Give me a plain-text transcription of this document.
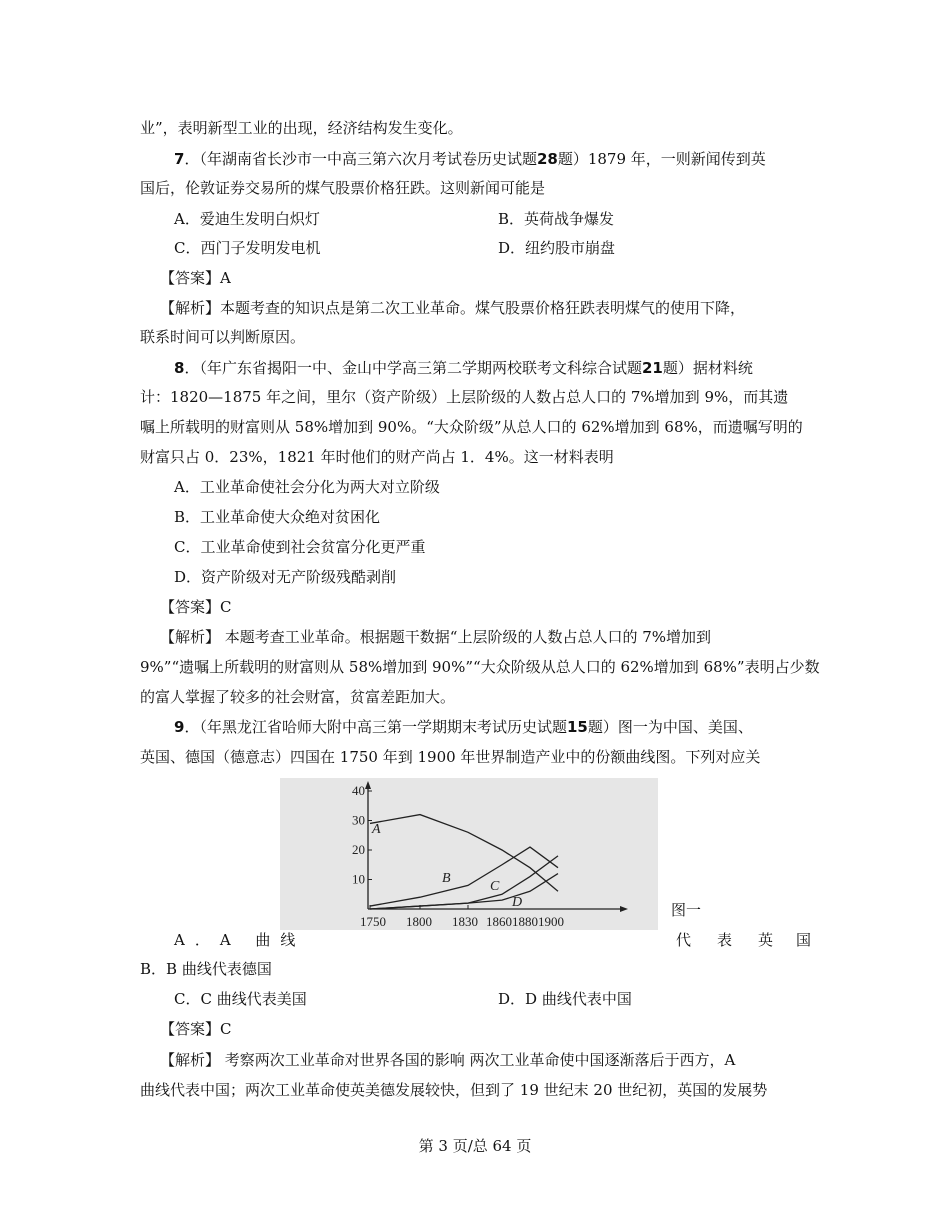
业”，表明新型工业的出现，经济结构发生变化。
7．（年湖南省长沙市一中高三第六次月考试卷历史试题28题）1879 年，一则新闻传到英
国后，伦敦证券交易所的煤气股票价格狂跌。这则新闻可能是
A．爱迪生发明白炽灯	B．英荷战争爆发
C．西门子发明发电机	D．纽约股市崩盘
【答案】A
【解析】本题考查的知识点是第二次工业革命。煤气股票价格狂跌表明煤气的使用下降，
联系时间可以判断原因。
8．（年广东省揭阳一中、金山中学高三第二学期两校联考文科综合试题21题）据材料统
计：1820—1875 年之间，里尔（资产阶级）上层阶级的人数占总人口的 7%增加到 9%，而其遗
嘱上所载明的财富则从 58%增加到 90%。“大众阶级”从总人口的 62%增加到 68%，而遗嘱写明的
财富只占 0．23%，1821 年时他们的财产尚占 1．4%。这一材料表明
A．工业革命使社会分化为两大对立阶级
B．工业革命使大众绝对贫困化
C．工业革命使到社会贫富分化更严重
D．资产阶级对无产阶级残酷剥削
【答案】C
【解析】 本题考查工业革命。根据题干数据“上层阶级的人数占总人口的 7%增加到
9%”“遗嘱上所载明的财富则从 58%增加到 90%”“大众阶级从总人口的 62%增加到 68%”表明占少数
的富人掌握了较多的社会财富，贫富差距加大。
9．（年黑龙江省哈师大附中高三第一学期期末考试历史试题15题）图一为中国、美国、
英国、德国（德意志）四国在 1750 年到 1900 年世界制造产业中的份额曲线图。下列对应关
10
20
30
40
1750 1800 1830 186018801900
A
B
C
D	图一
A．A 曲线	代 表 英 国
B．B 曲线代表德国
C．C 曲线代表美国	D．D 曲线代表中国
【答案】C
【解析】 考察两次工业革命对世界各国的影响 两次工业革命使中国逐渐落后于西方，A
曲线代表中国；两次工业革命使英美德发展较快，但到了 19 世纪末 20 世纪初，英国的发展势
第 3 页/总 64 页
